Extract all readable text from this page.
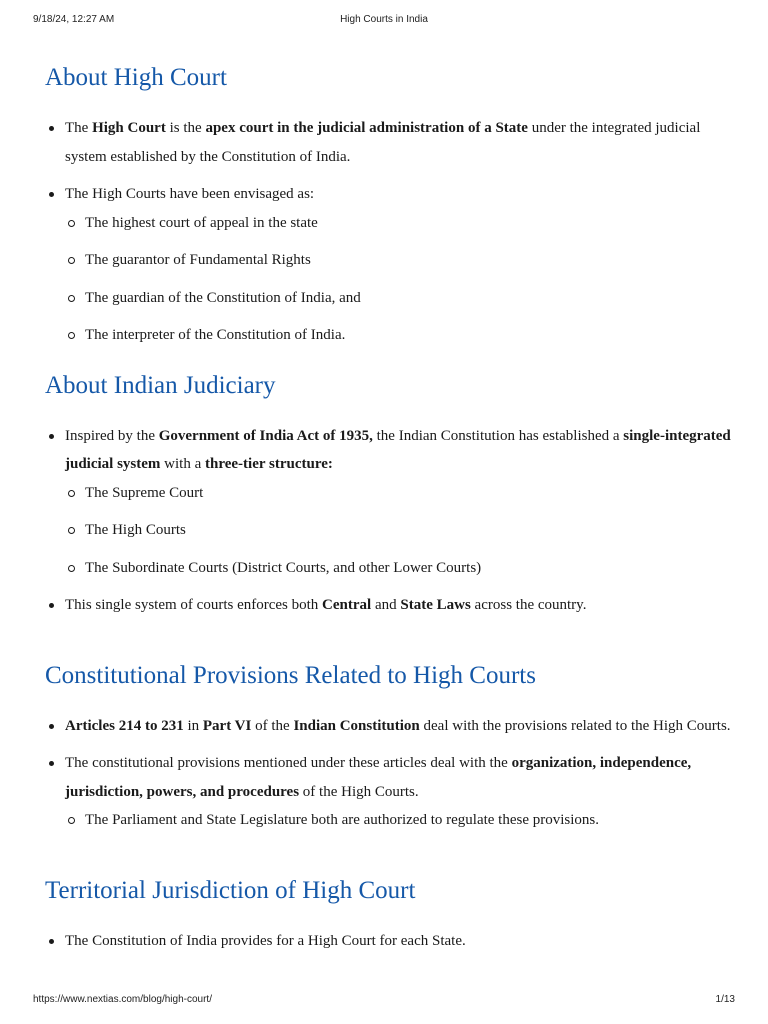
9/18/24, 12:27 AM	High Courts in India
About High Court
The High Court is the apex court in the judicial administration of a State under the integrated judicial system established by the Constitution of India.
The High Courts have been envisaged as:
The highest court of appeal in the state
The guarantor of Fundamental Rights
The guardian of the Constitution of India, and
The interpreter of the Constitution of India.
About Indian Judiciary
Inspired by the Government of India Act of 1935, the Indian Constitution has established a single-integrated judicial system with a three-tier structure:
The Supreme Court
The High Courts
The Subordinate Courts (District Courts, and other Lower Courts)
This single system of courts enforces both Central and State Laws across the country.
Constitutional Provisions Related to High Courts
Articles 214 to 231 in Part VI of the Indian Constitution deal with the provisions related to the High Courts.
The constitutional provisions mentioned under these articles deal with the organization, independence, jurisdiction, powers, and procedures of the High Courts.
The Parliament and State Legislature both are authorized to regulate these provisions.
Territorial Jurisdiction of High Court
The Constitution of India provides for a High Court for each State.
https://www.nextias.com/blog/high-court/	1/13
